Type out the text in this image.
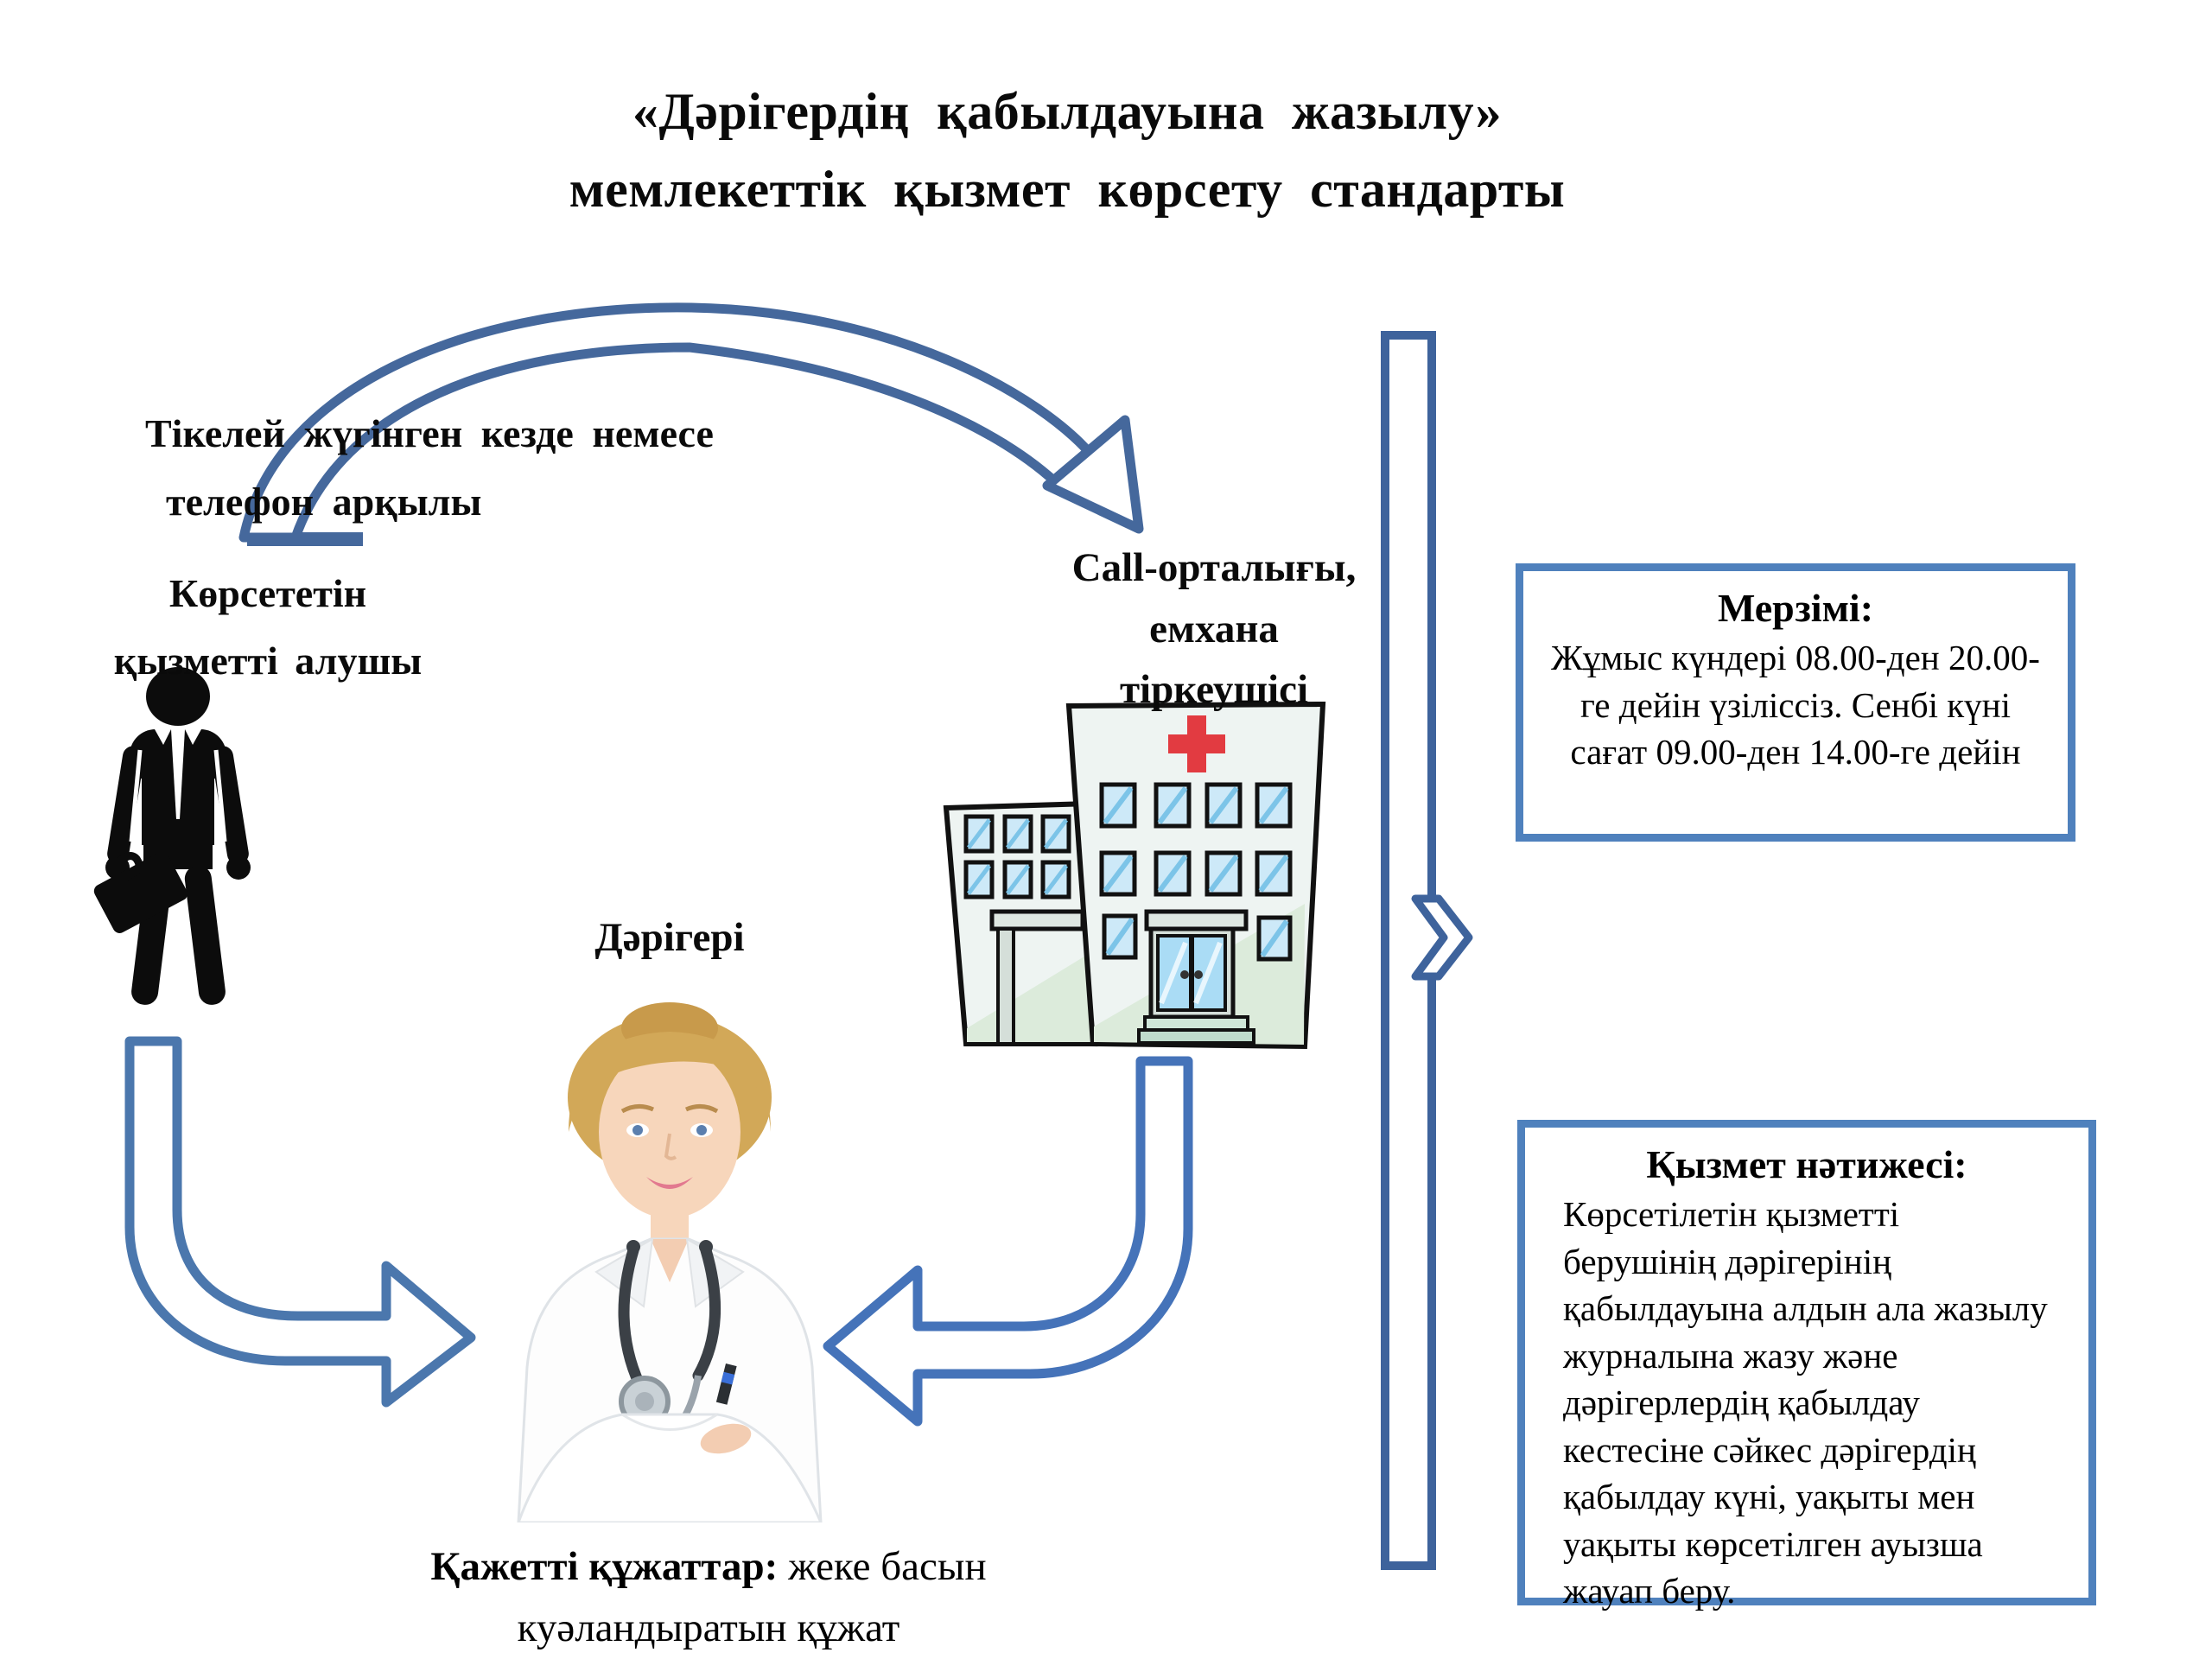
«Дәрігердің қабылдауына жазылу»
мемлекеттік қызмет көрсету стандарты
Тікелей жүгінген кезде немесе
телефон арқылы
Көрсететін
қызметті алушы
Дәрігері
Call-орталығы,
емхана
тіркеушісі
Мерзімі:
Жұмыс күндері 08.00-ден 20.00-ге дейін үзіліссіз. Сенбі күні сағат 09.00-ден 14.00-ге дейін
Қызмет нәтижесі:
Көрсетілетін қызметті берушінің дәрігерінің қабылдауына алдын ала жазылу журналына жазу және дәрігерлердің қабылдау кестесіне сәйкес дәрігердің қабылдау күні, уақыты мен уақыты көрсетілген ауызша жауап беру.
Қажетті құжаттар: жеке басын куәландыратын құжат
